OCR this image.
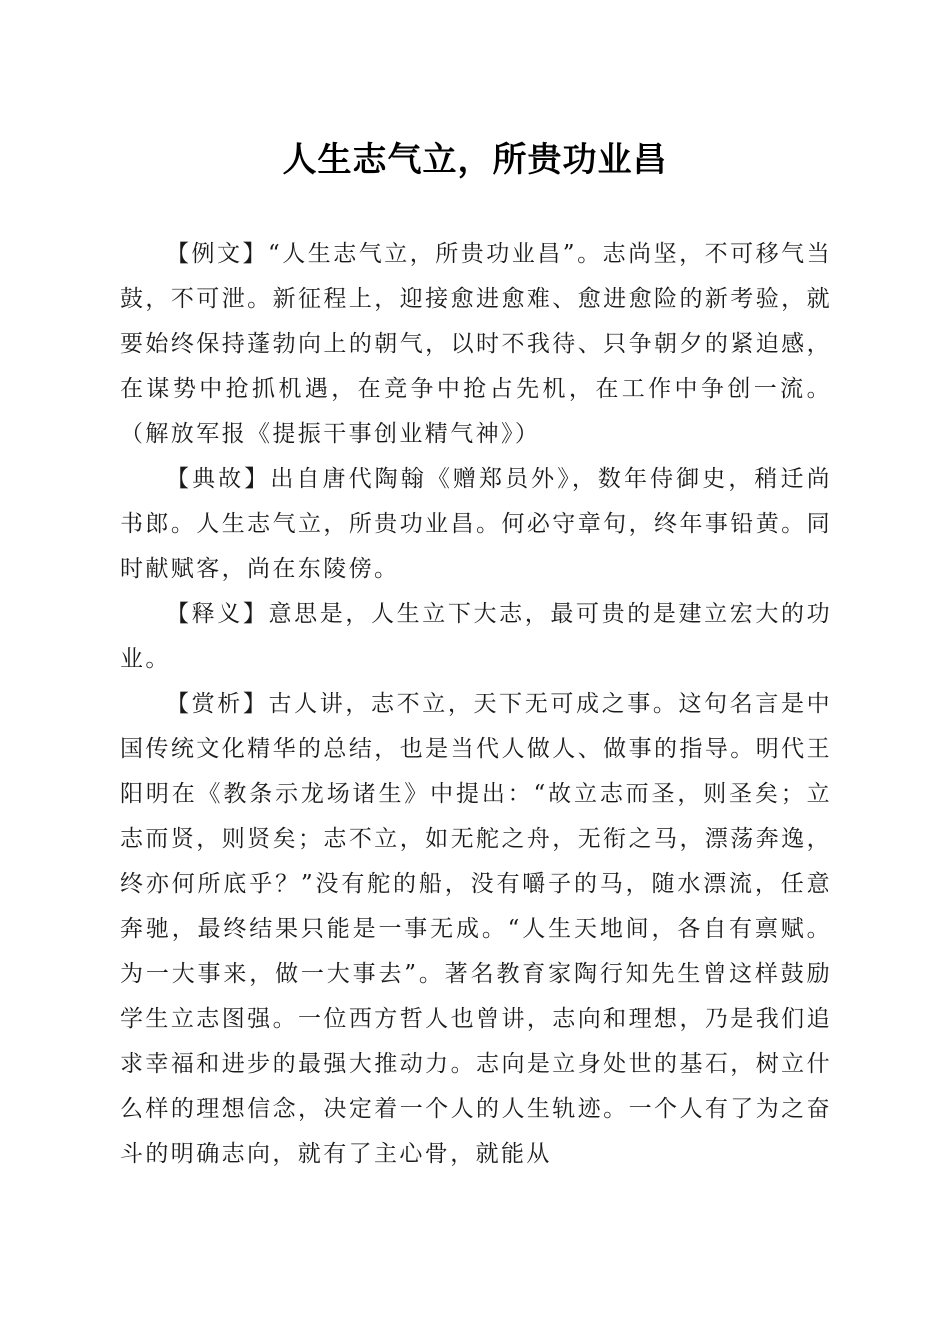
人生志气立，所贵功业昌

【例文】“人生志气立，所贵功业昌”。志尚坚，不可移气当鼓，不可泄。新征程上，迎接愈进愈难、愈进愈险的新考验，就要始终保持蓬勃向上的朝气，以时不我待、只争朝夕的紧迫感，在谋势中抢抓机遇，在竞争中抢占先机，在工作中争创一流。（解放军报《提振干事创业精气神》）

【典故】出自唐代陶翰《赠郑员外》，数年侍御史，稍迁尚书郎。人生志气立，所贵功业昌。何必守章句，终年事铅黄。同时献赋客，尚在东陵傍。

【释义】意思是，人生立下大志，最可贵的是建立宏大的功业。

【赏析】古人讲，志不立，天下无可成之事。这句名言是中国传统文化精华的总结，也是当代人做人、做事的指导。明代王阳明在《教条示龙场诸生》中提出：“故立志而圣，则圣矣；立志而贤，则贤矣；志不立，如无舵之舟，无衔之马，漂荡奔逸，终亦何所底乎？”没有舵的船，没有嚼子的马，随水漂流，任意奔驰，最终结果只能是一事无成。“人生天地间，各自有禀赋。为一大事来，做一大事去”。著名教育家陶行知先生曾这样鼓励学生立志图强。一位西方哲人也曾讲，志向和理想，乃是我们追求幸福和进步的最强大推动力。志向是立身处世的基石，树立什么样的理想信念，决定着一个人的人生轨迹。一个人有了为之奋斗的明确志向，就有了主心骨，就能从
